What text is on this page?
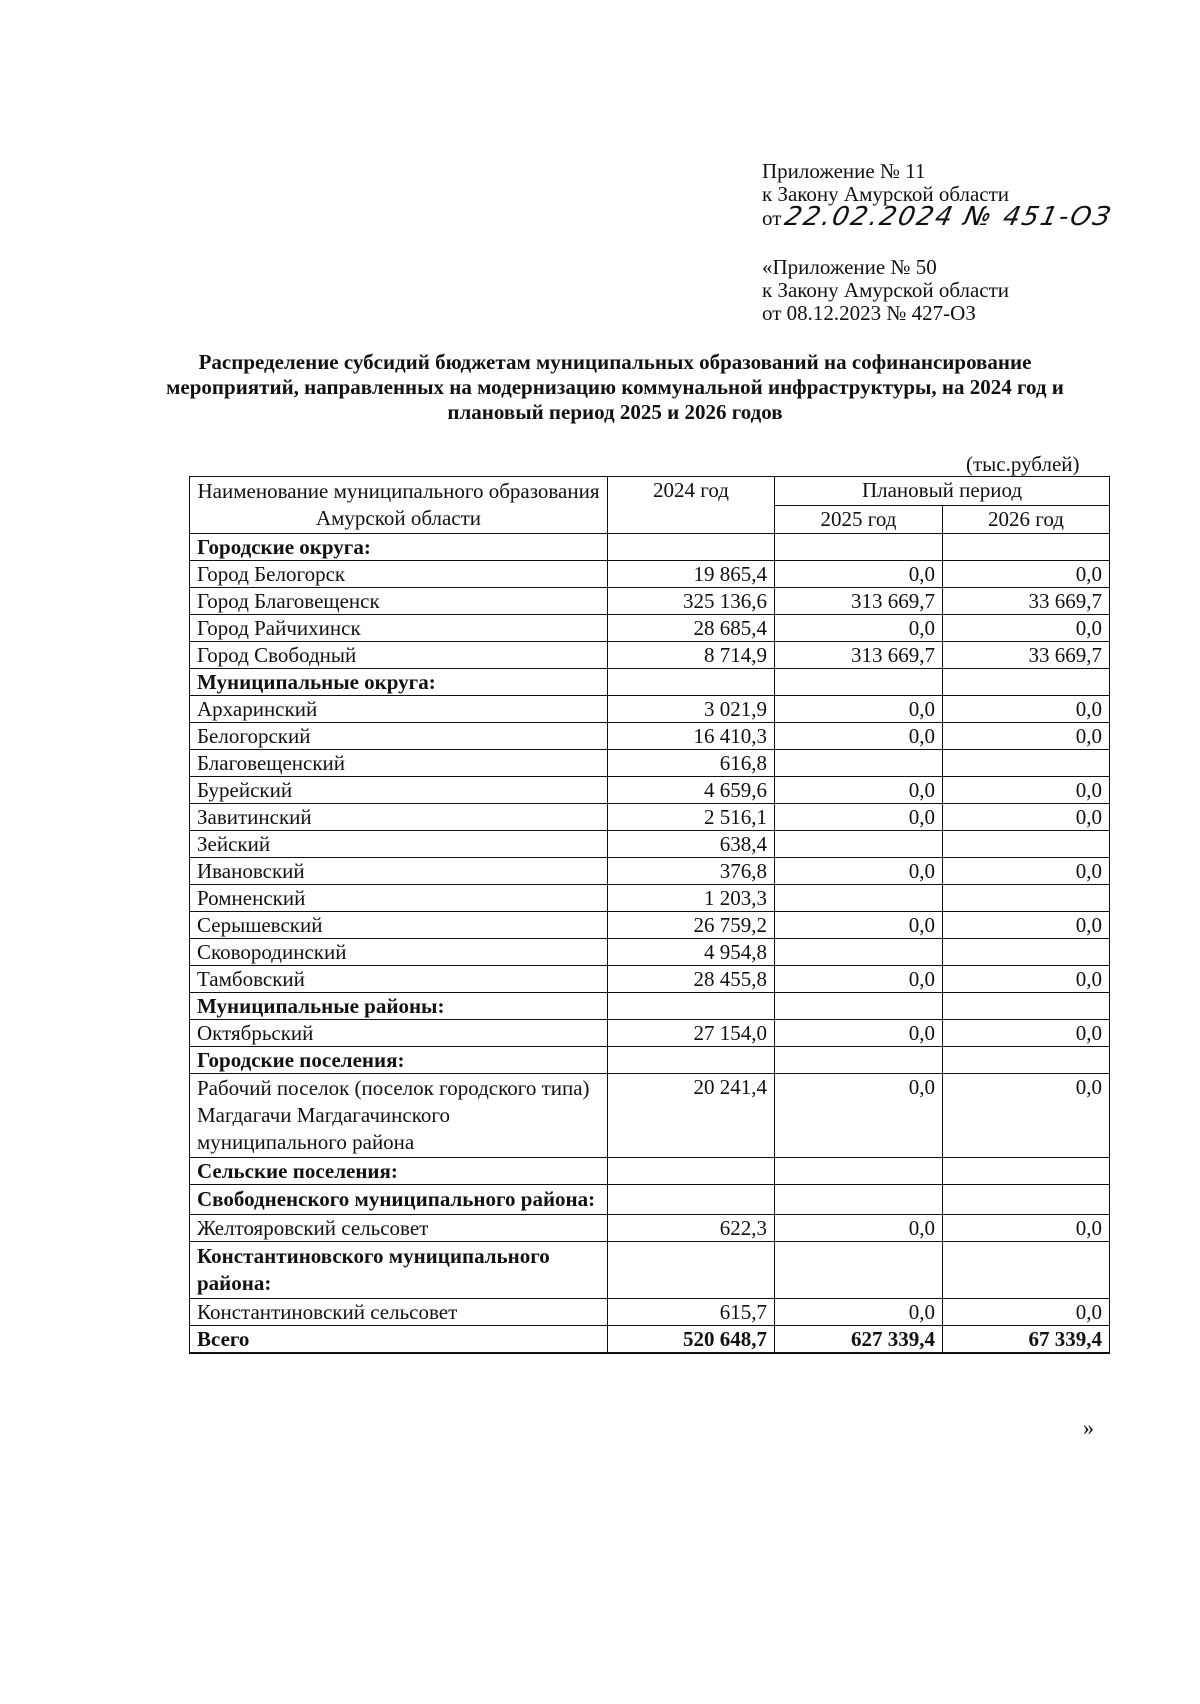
Приложение № 11
к Закону Амурской области
от 22.02.2024 № 451-ОЗ
«Приложение № 50
к Закону Амурской области
от 08.12.2023 № 427-ОЗ
Распределение субсидий бюджетам муниципальных образований на софинансирование мероприятий, направленных на модернизацию коммунальной инфраструктуры, на 2024 год и плановый период 2025 и 2026 годов
(тыс.рублей)
Наименование муниципального образования Амурской области	2024 год	Плановый период	
		2025 год	2026 год
Городские округа:			
Город Белогорск	19 865,4	0,0	0,0
Город Благовещенск	325 136,6	313 669,7	33 669,7
Город Райчихинск	28 685,4	0,0	0,0
Город Свободный	8 714,9	313 669,7	33 669,7
Муниципальные округа:			
Архаринский	3 021,9	0,0	0,0
Белогорский	16 410,3	0,0	0,0
Благовещенский	616,8		
Бурейский	4 659,6	0,0	0,0
Завитинский	2 516,1	0,0	0,0
Зейский	638,4		
Ивановский	376,8	0,0	0,0
Ромненский	1 203,3		
Серышевский	26 759,2	0,0	0,0
Сковородинский	4 954,8		
Тамбовский	28 455,8	0,0	0,0
Муниципальные районы:			
Октябрьский	27 154,0	0,0	0,0
Городские поселения:			
Рабочий поселок (поселок городского типа) Магдагачи Магдагачинского муниципального района	20 241,4	0,0	0,0
Сельские поселения:			
Свободненского муниципального района:			
Желтояровский сельсовет	622,3	0,0	0,0
Константиновского муниципального района:			
Константиновский сельсовет	615,7	0,0	0,0
Всего	520 648,7	627 339,4	67 339,4
»
